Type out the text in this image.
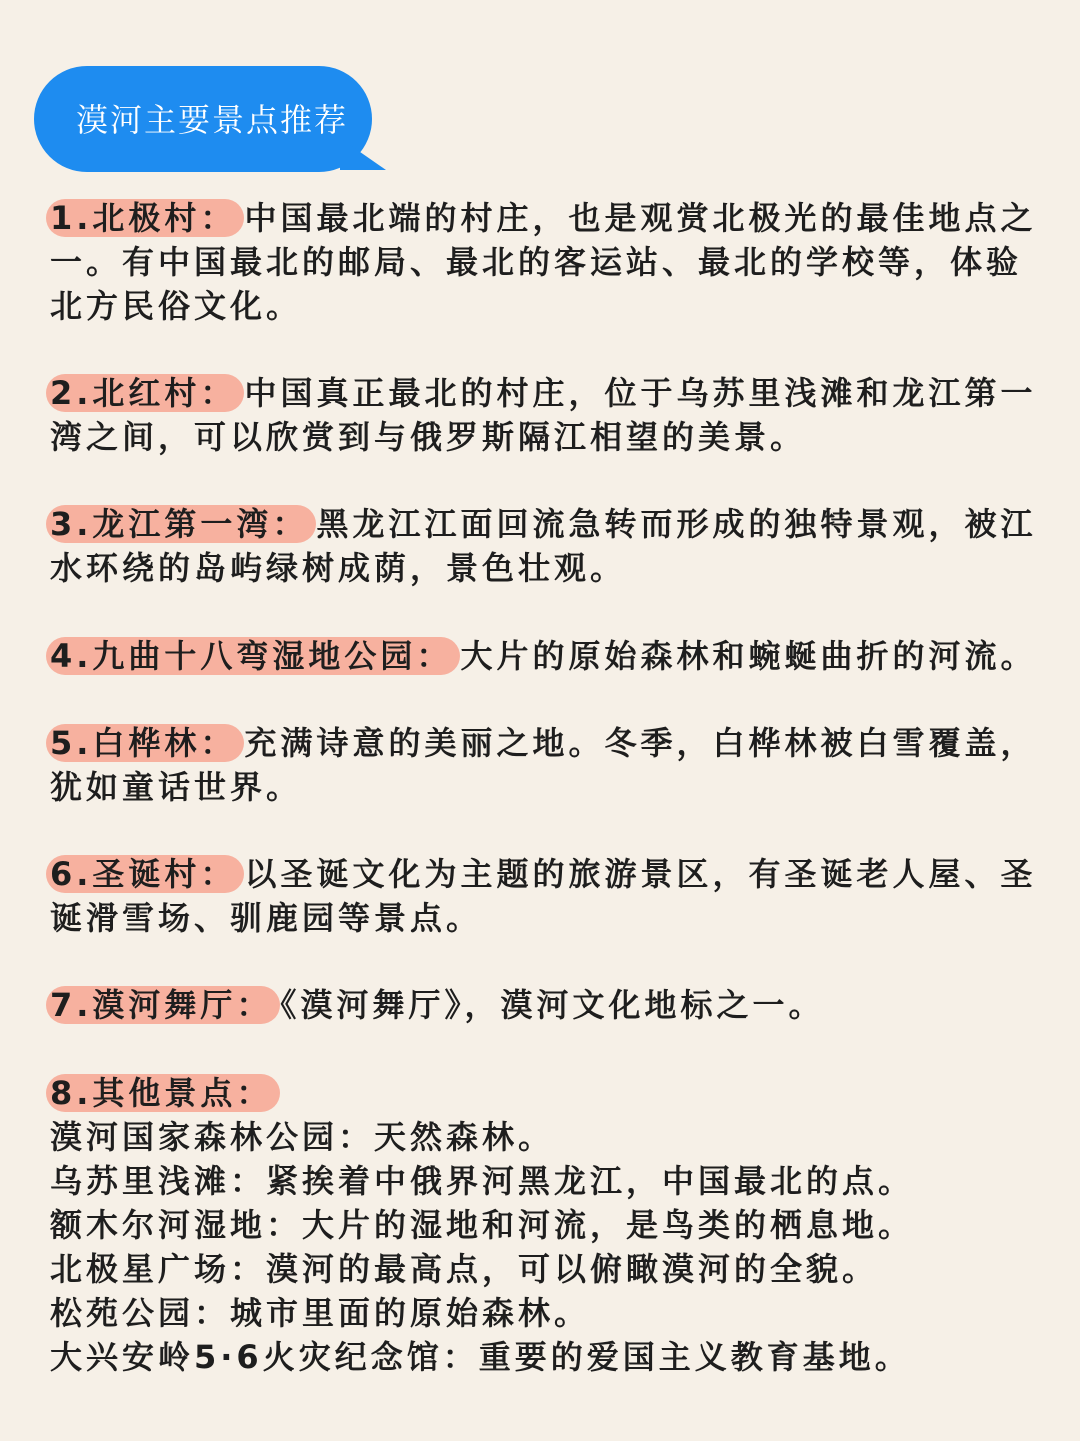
漠河主要景点推荐
1.北极村： 中国最北端的村庄，也是观赏北极光的最佳地点之一。有中国最北的邮局、最北的客运站、最北的学校等，体验北方民俗文化。
2.北红村： 中国真正最北的村庄，位于乌苏里浅滩和龙江第一湾之间，可以欣赏到与俄罗斯隔江相望的美景。
3.龙江第一湾： 黑龙江江面回流急转而形成的独特景观，被江水环绕的岛屿绿树成荫，景色壮观。
4.九曲十八弯湿地公园： 大片的原始森林和蜿蜒曲折的河流。
5.白桦林： 充满诗意的美丽之地。冬季，白桦林被白雪覆盖，犹如童话世界。
6.圣诞村： 以圣诞文化为主题的旅游景区，有圣诞老人屋、圣诞滑雪场、驯鹿园等景点。
7.漠河舞厅： 《漠河舞厅》，漠河文化地标之一。
8.其他景点：
漠河国家森林公园：天然森林。
乌苏里浅滩：紧挨着中俄界河黑龙江，中国最北的点。
额木尔河湿地：大片的湿地和河流，是鸟类的栖息地。
北极星广场：漠河的最高点，可以俯瞰漠河的全貌。
松苑公园：城市里面的原始森林。
大兴安岭5·6火灾纪念馆：重要的爱国主义教育基地。
